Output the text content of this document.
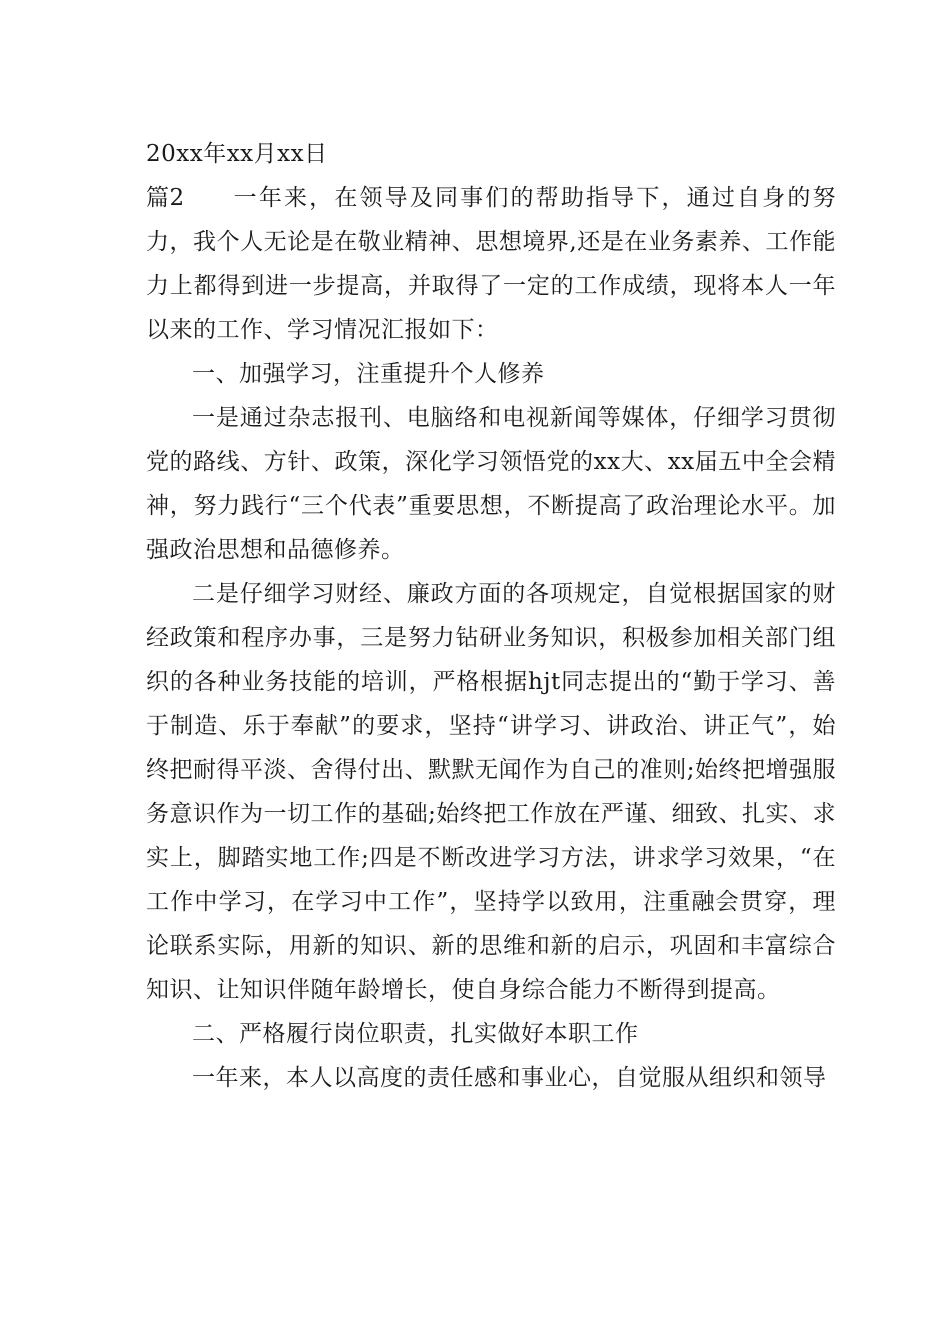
20xx年xx月xx日

篇2 一年来，在领导及同事们的帮助指导下，通过自身的努力，我个人无论是在敬业精神、思想境界,还是在业务素养、工作能力上都得到进一步提高，并取得了一定的工作成绩，现将本人一年以来的工作、学习情况汇报如下：

一、加强学习，注重提升个人修养

一是通过杂志报刊、电脑络和电视新闻等媒体，仔细学习贯彻党的路线、方针、政策，深化学习领悟党的xx大、xx届五中全会精神，努力践行“三个代表”重要思想，不断提高了政治理论水平。加强政治思想和品德修养。

二是仔细学习财经、廉政方面的各项规定，自觉根据国家的财经政策和程序办事，三是努力钻研业务知识，积极参加相关部门组织的各种业务技能的培训，严格根据hjt同志提出的“勤于学习、善于制造、乐于奉献”的要求，坚持“讲学习、讲政治、讲正气”，始终把耐得平淡、舍得付出、默默无闻作为自己的准则;始终把增强服务意识作为一切工作的基础;始终把工作放在严谨、细致、扎实、求实上，脚踏实地工作;四是不断改进学习方法，讲求学习效果，“在工作中学习，在学习中工作”，坚持学以致用，注重融会贯穿，理论联系实际，用新的知识、新的思维和新的启示，巩固和丰富综合知识、让知识伴随年龄增长，使自身综合能力不断得到提高。

二、严格履行岗位职责，扎实做好本职工作

一年来，本人以高度的责任感和事业心，自觉服从组织和领导
